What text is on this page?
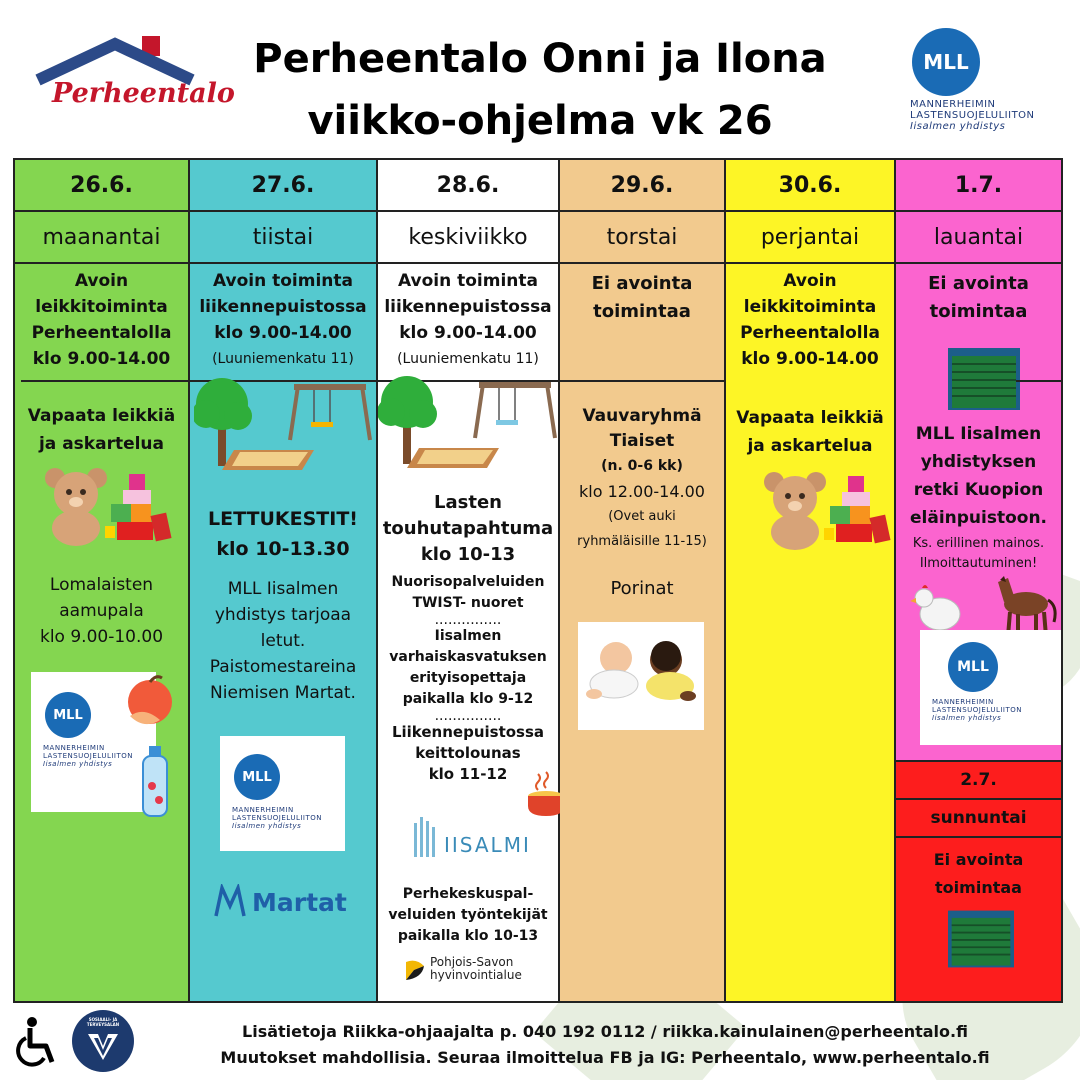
Perheentalo
Perheentalo Onni ja Ilona
viikko-ohjelma vk 26
MLL
MANNERHEIMIN
LASTENSUOJELULIITON
Iisalmen yhdistys
26.6.
maanantai
Avoin
leikkitoiminta
Perheentalolla
klo 9.00-14.00
Vapaata leikkiä
ja askartelua
Lomalaisten
aamupala
klo 9.00-10.00
MLL
MANNERHEIMIN
LASTENSUOJELULIITON
Iisalmen yhdistys
27.6.
tiistai
Avoin toiminta
liikennepuistossa
klo 9.00-14.00
(Luuniemenkatu 11)
LETTUKESTIT!
klo 10-13.30
MLL Iisalmen
yhdistys tarjoaa
letut.
Paistomestareina
Niemisen Martat.
MLL
MANNERHEIMIN
LASTENSUOJELULIITON
Iisalmen yhdistys
Martat
28.6.
keskiviikko
Avoin toiminta
liikennepuistossa
klo 9.00-14.00
(Luuniemenkatu 11)
Lasten
touhutapahtuma
klo 10-13
Nuorisopalveluiden
TWIST- nuoret
...............
Iisalmen
varhaiskasvatuksen
erityisopettaja
paikalla klo 9-12
...............
Liikennepuistossa
keittolounas
klo 11-12
IISALMI
Perhekeskuspal-
veluiden työntekijät
paikalla klo 10-13
Pohjois-Savon
hyvinvointialue
29.6.
torstai
Ei avointa
toimintaa
Vauvaryhmä
Tiaiset
(n. 0-6 kk)
klo 12.00-14.00
(Ovet auki
ryhmäläisille 11-15)
Porinat
30.6.
perjantai
Avoin
leikkitoiminta
Perheentalolla
klo 9.00-14.00
Vapaata leikkiä
ja askartelua
1.7.
lauantai
Ei avointa
toimintaa
MLL Iisalmen
yhdistyksen
retki Kuopion
eläinpuistoon.
Ks. erillinen mainos.
Ilmoittautuminen!
MLL
MANNERHEIMIN
LASTENSUOJELULIITON
Iisalmen yhdistys
2.7.
sunnuntai
Ei avointa
toimintaa
SOSIAALI- JA TERVEYSALAN	Lisätietoja Riikka-ohjaajalta p. 040 192 0112 / riikka.kainulainen@perheentalo.fi
Muutokset mahdollisia. Seuraa ilmoittelua FB ja IG: Perheentalo, www.perheentalo.fi
